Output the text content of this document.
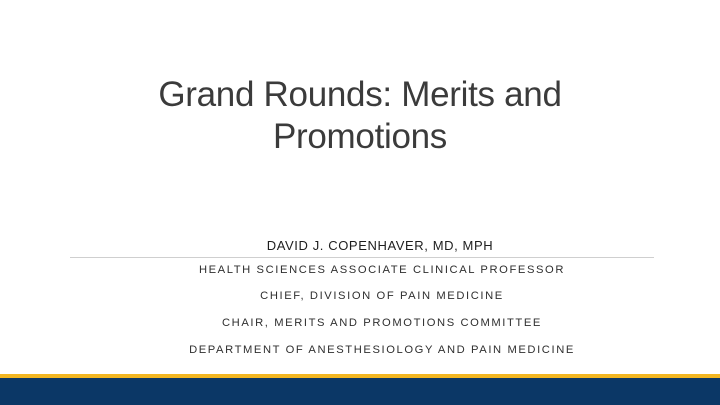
Grand Rounds: Merits and
Promotions
DAVID J. COPENHAVER, MD, MPH
HEALTH SCIENCES ASSOCIATE CLINICAL PROFESSOR
CHIEF, DIVISION OF PAIN MEDICINE
CHAIR, MERITS AND PROMOTIONS COMMITTEE
DEPARTMENT OF ANESTHESIOLOGY AND PAIN MEDICINE
